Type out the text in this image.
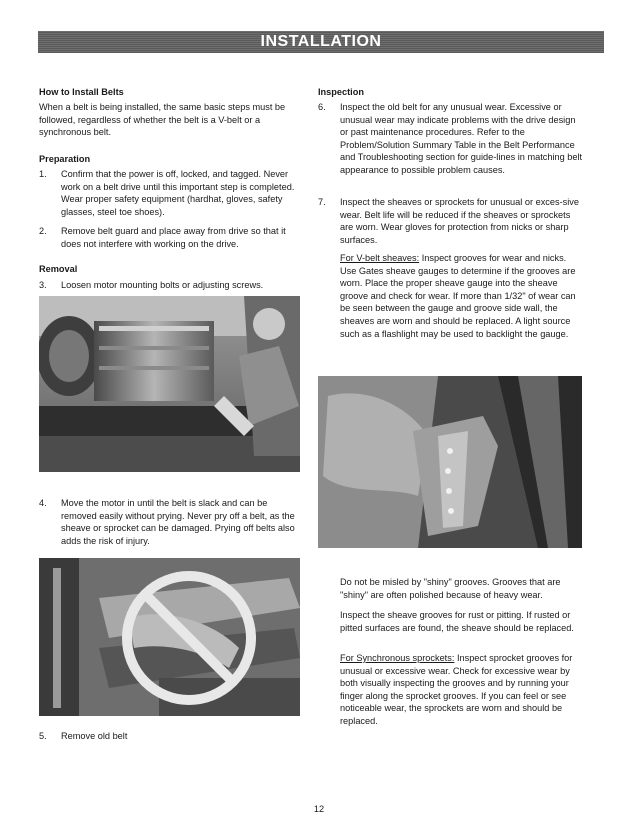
INSTALLATION
How to Install Belts
When a belt is being installed, the same basic steps must be followed, regardless of whether the belt is a V-belt or a synchronous belt.
Preparation
1.	Confirm that the power is off, locked, and tagged. Never work on a belt drive until this important step is completed. Wear proper safety equipment (hardhat, gloves, safety glasses, steel toe shoes).
2.	Remove belt guard and place away from drive so that it does not interfere with working on the drive.
Removal
3.	Loosen motor mounting bolts or adjusting screws.
4.	Move the motor in until the belt is slack and can be removed easily without prying. Never pry off a belt, as the sheave or sprocket can be damaged. Prying off belts also adds the risk of injury.
5.	Remove old belt
Inspection
6.	Inspect the old belt for any unusual wear. Excessive or unusual wear may indicate problems with the drive design or past maintenance procedures. Refer to the Problem/Solution Summary Table in the Belt Performance and Troubleshooting section for guide-lines in matching belt appearance to possible problem causes.
7.	Inspect the sheaves or sprockets for unusual or exces-sive wear. Belt life will be reduced if the sheaves or sprockets are worn. Wear gloves for protection from nicks or sharp surfaces.
For V-belt sheaves: Inspect grooves for wear and nicks. Use Gates sheave gauges to determine if the grooves are worn. Place the proper sheave gauge into the sheave groove and check for wear. If more than 1/32" of wear can be seen between the gauge and groove side wall, the sheaves are worn and should be replaced. A light source such as a flashlight may be used to backlight the gauge.
Do not be misled by "shiny" grooves. Grooves that are "shiny" are often polished because of heavy wear.
Inspect the sheave grooves for rust or pitting. If rusted or pitted surfaces are found, the sheave should be replaced.
For Synchronous sprockets: Inspect sprocket grooves for unusual or excessive wear. Check for excessive wear by both visually inspecting the grooves and by running your finger along the sprocket grooves. If you can feel or see noticeable wear, the sprockets are worn and should be replaced.
12
